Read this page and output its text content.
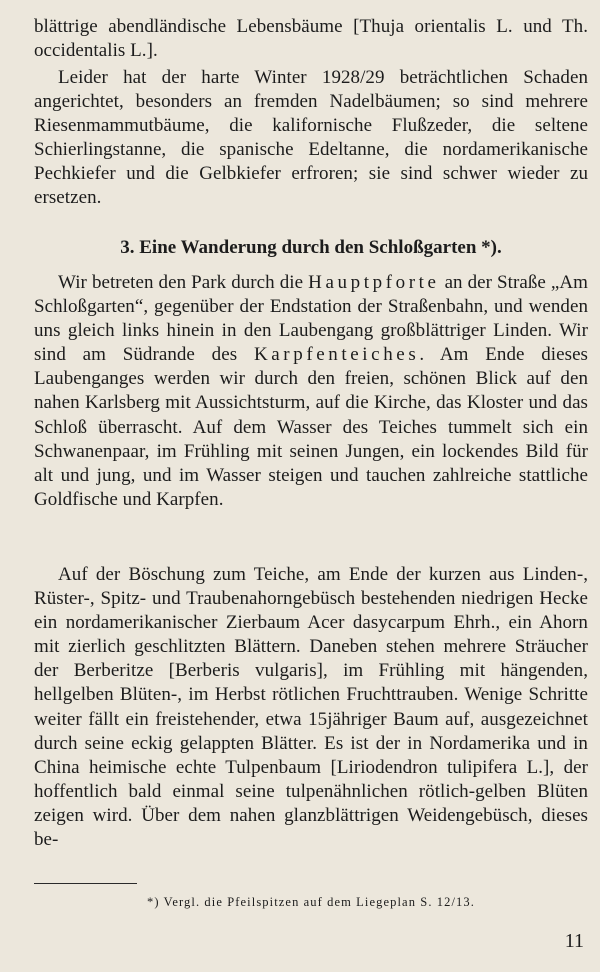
blättrige abendländische Lebensbäume [Thuja orientalis L. und Th. occidentalis L.].

Leider hat der harte Winter 1928/29 beträchtlichen Schaden angerichtet, besonders an fremden Nadelbäumen; so sind mehrere Riesenmammutbäume, die kalifornische Flußzeder, die seltene Schierlingstanne, die spanische Edeltanne, die nordamerikanische Pechkiefer und die Gelbkiefer erfroren; sie sind schwer wieder zu ersetzen.

3. Eine Wanderung durch den Schloßgarten *).

Wir betreten den Park durch die Hauptpforte an der Straße „Am Schloßgarten“, gegenüber der Endstation der Straßenbahn, und wenden uns gleich links hinein in den Laubengang großblättriger Linden. Wir sind am Südrande des Karpfenteiches. Am Ende dieses Laubenganges werden wir durch den freien, schönen Blick auf den nahen Karlsberg mit Aussichtsturm, auf die Kirche, das Kloster und das Schloß überrascht. Auf dem Wasser des Teiches tummelt sich ein Schwanenpaar, im Frühling mit seinen Jungen, ein lockendes Bild für alt und jung, und im Wasser steigen und tauchen zahlreiche stattliche Goldfische und Karpfen.

Auf der Böschung zum Teiche, am Ende der kurzen aus Linden-, Rüster-, Spitz- und Traubenahorngebüsch bestehenden niedrigen Hecke ein nordamerikanischer Zierbaum Acer dasycarpum Ehrh., ein Ahorn mit zierlich geschlitzten Blättern. Daneben stehen mehrere Sträucher der Berberitze [Berberis vulgaris], im Frühling mit hängenden, hellgelben Blüten-, im Herbst rötlichen Fruchttrauben. Wenige Schritte weiter fällt ein freistehender, etwa 15jähriger Baum auf, ausgezeichnet durch seine eckig gelappten Blätter. Es ist der in Nordamerika und in China heimische echte Tulpenbaum [Liriodendron tulipifera L.], der hoffentlich bald einmal seine tulpenähnlichen rötlich-gelben Blüten zeigen wird. Über dem nahen glanzblättrigen Weidengebüsch, dieses be-

*) Vergl. die Pfeilspitzen auf dem Liegeplan S. 12/13.
11
